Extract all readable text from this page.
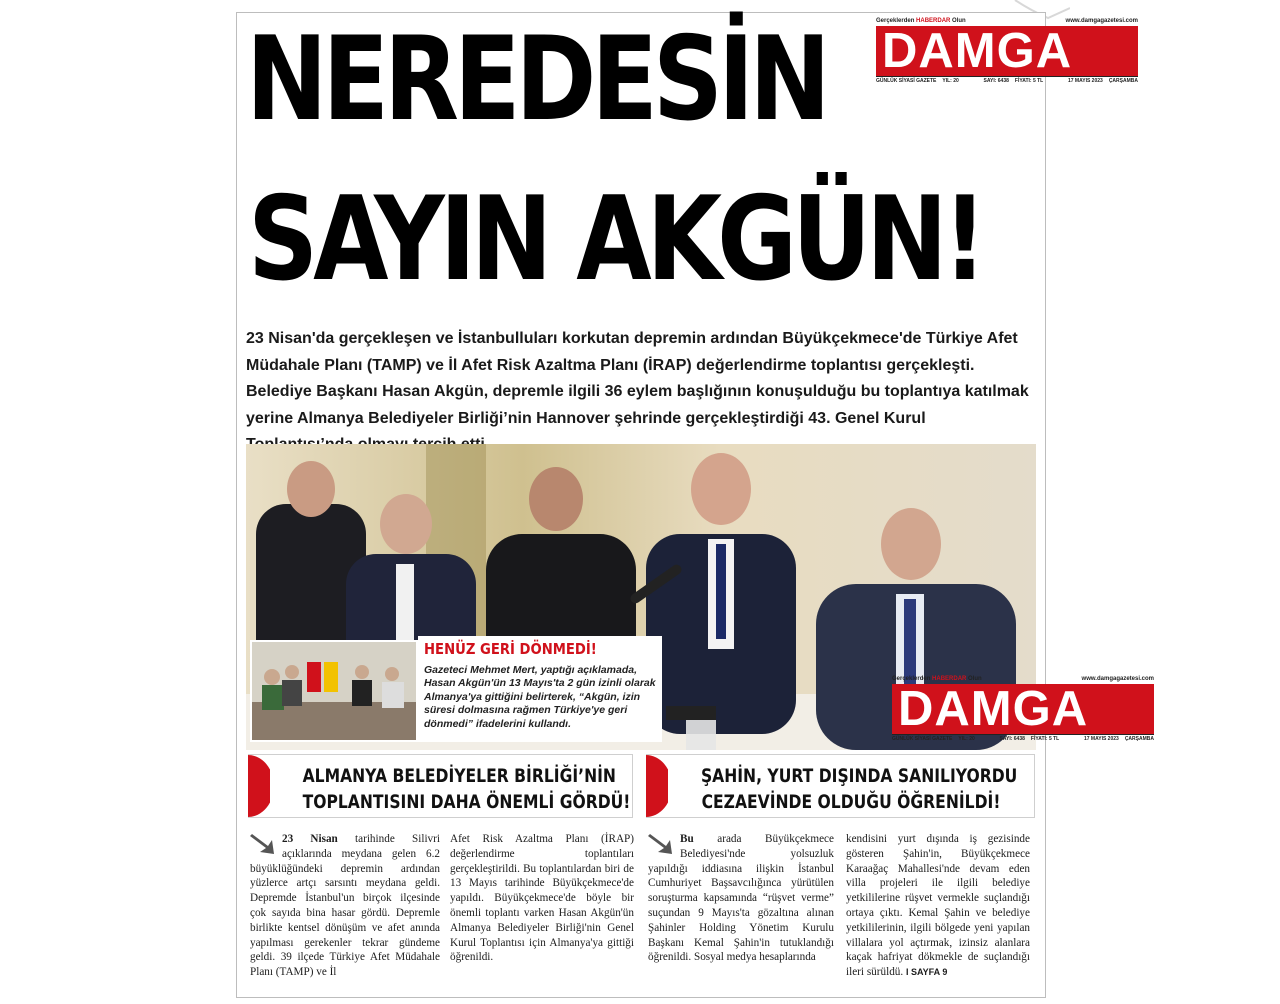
Gerçeklerden HABERDAR Olun	www.damgagazetesi.com
DAMGA
GÜNLÜK SİYASİ GAZETE YIL: 20	SAYI: 6438 FİYATI: 5 TL	17 MAYIS 2023 ÇARŞAMBA
NEREDESİN
SAYIN AKGÜN!
23 Nisan'da gerçekleşen ve İstanbulluları korkutan depremin ardından Büyükçekmece'de Türkiye Afet Müdahale Planı (TAMP) ve İl Afet Risk Azaltma Planı (İRAP) değerlendirme toplantısı gerçekleşti. Belediye Başkanı Hasan Akgün, depremle ilgili 36 eylem başlığının konuşulduğu bu toplantıya katılmak yerine Almanya Belediyeler Birliği’nin Hannover şehrinde gerçekleştirdiği 43. Genel Kurul
HENÜZ GERİ DÖNMEDİ!
Gazeteci Mehmet Mert, yaptığı açıklamada, Hasan Akgün'ün 13 Mayıs'ta 2 gün izinli olarak Almanya'ya gittiğini belirterek, “Akgün, izin süresi dolmasına rağmen Türkiye'ye geri dönmedi” ifadelerini kullandı.
Gerçeklerden HABERDAR Olun	www.damgagazetesi.com
DAMGA
GÜNLÜK SİYASİ GAZETE YIL: 20	SAYI: 6438 FİYATI: 5 TL	17 MAYIS 2023 ÇARŞAMBA
ALMANYA BELEDİYELER BİRLİĞİ’NİN
TOPLANTISINI DAHA ÖNEMLİ GÖRDÜ!
ŞAHİN, YURT DIŞINDA SANILIYORDU
CEZAEVİNDE OLDUĞU ÖĞRENİLDİ!

23 Nisan tarihinde Silivri açıklarında meydana gelen 6.2 büyüklüğündeki depremin ardından yüzlerce artçı sarsıntı meydana geldi. Depremde İstanbul'un birçok ilçesinde çok sayıda bina hasar gördü. Depremle birlikte kentsel dönüşüm ve afet anında yapılması gerekenler tekrar gündeme geldi. 39 ilçede Türkiye Afet Müdahale Planı (TAMP) ve İl

Afet Risk Azaltma Planı (İRAP) değerlendirme toplantıları gerçekleştirildi. Bu toplantılardan biri de 13 Mayıs tarihinde Büyükçekmece'de yapıldı. Büyükçekmece'de böyle bir önemli toplantı varken Hasan Akgün'ün Almanya Belediyeler Birliği'nin Genel Kurul Toplantısı için Almanya'ya gittiği öğrenildi.

Bu arada Büyükçekmece Belediyesi'nde yolsuzluk yapıldığı iddiasına ilişkin İstanbul Cumhuriyet Başsavcılığınca yürütülen soruşturma kapsamında “rüşvet verme” suçundan 9 Mayıs'ta gözaltına alınan Şahinler Holding Yönetim Kurulu Başkanı Kemal Şahin'in tutuklandığı öğrenildi. Sosyal medya hesaplarında

kendisini yurt dışında iş gezisinde gösteren Şahin'in, Büyükçekmece Karaağaç Mahallesi'nde devam eden villa projeleri ile ilgili belediye yetkililerine rüşvet vermekle suçlandığı ortaya çıktı. Kemal Şahin ve belediye yetkililerinin, ilgili bölgede yeni yapılan villalara yol açtırmak, izinsiz alanlara kaçak hafriyat dökmekle de suçlandığı ileri sürüldü. I SAYFA 9
